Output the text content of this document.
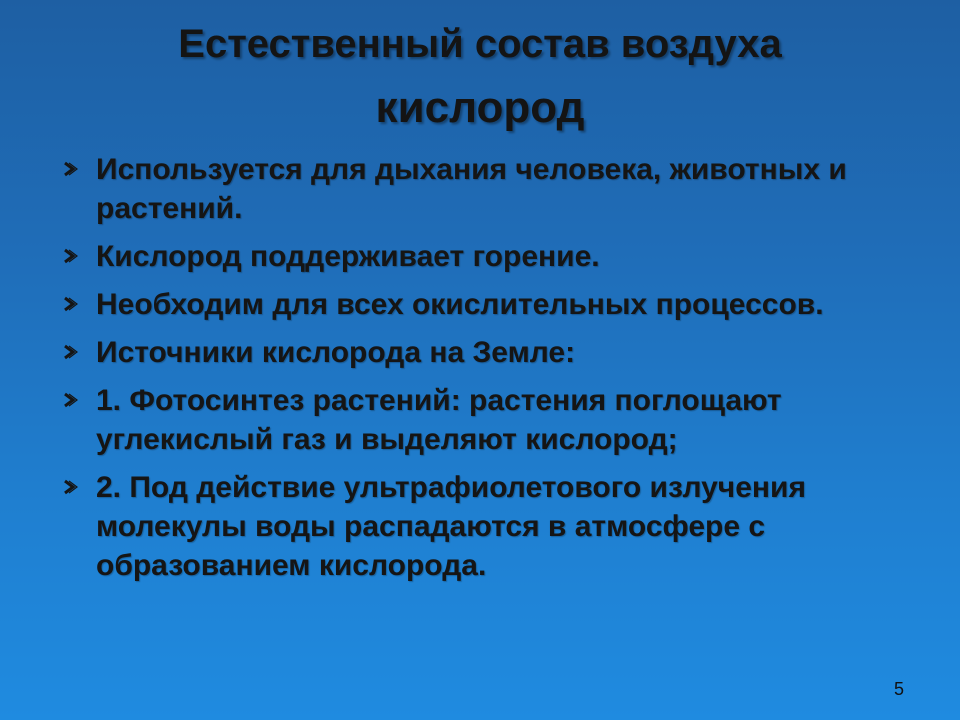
Естественный состав воздуха
кислород
Используется для дыхания человека, животных и растений.
Кислород поддерживает горение.
Необходим для всех окислительных процессов.
Источники кислорода на Земле:
1. Фотосинтез растений: растения поглощают углекислый газ и выделяют кислород;
2. Под действие ультрафиолетового излучения молекулы воды распадаются в атмосфере с образованием кислорода.
5
